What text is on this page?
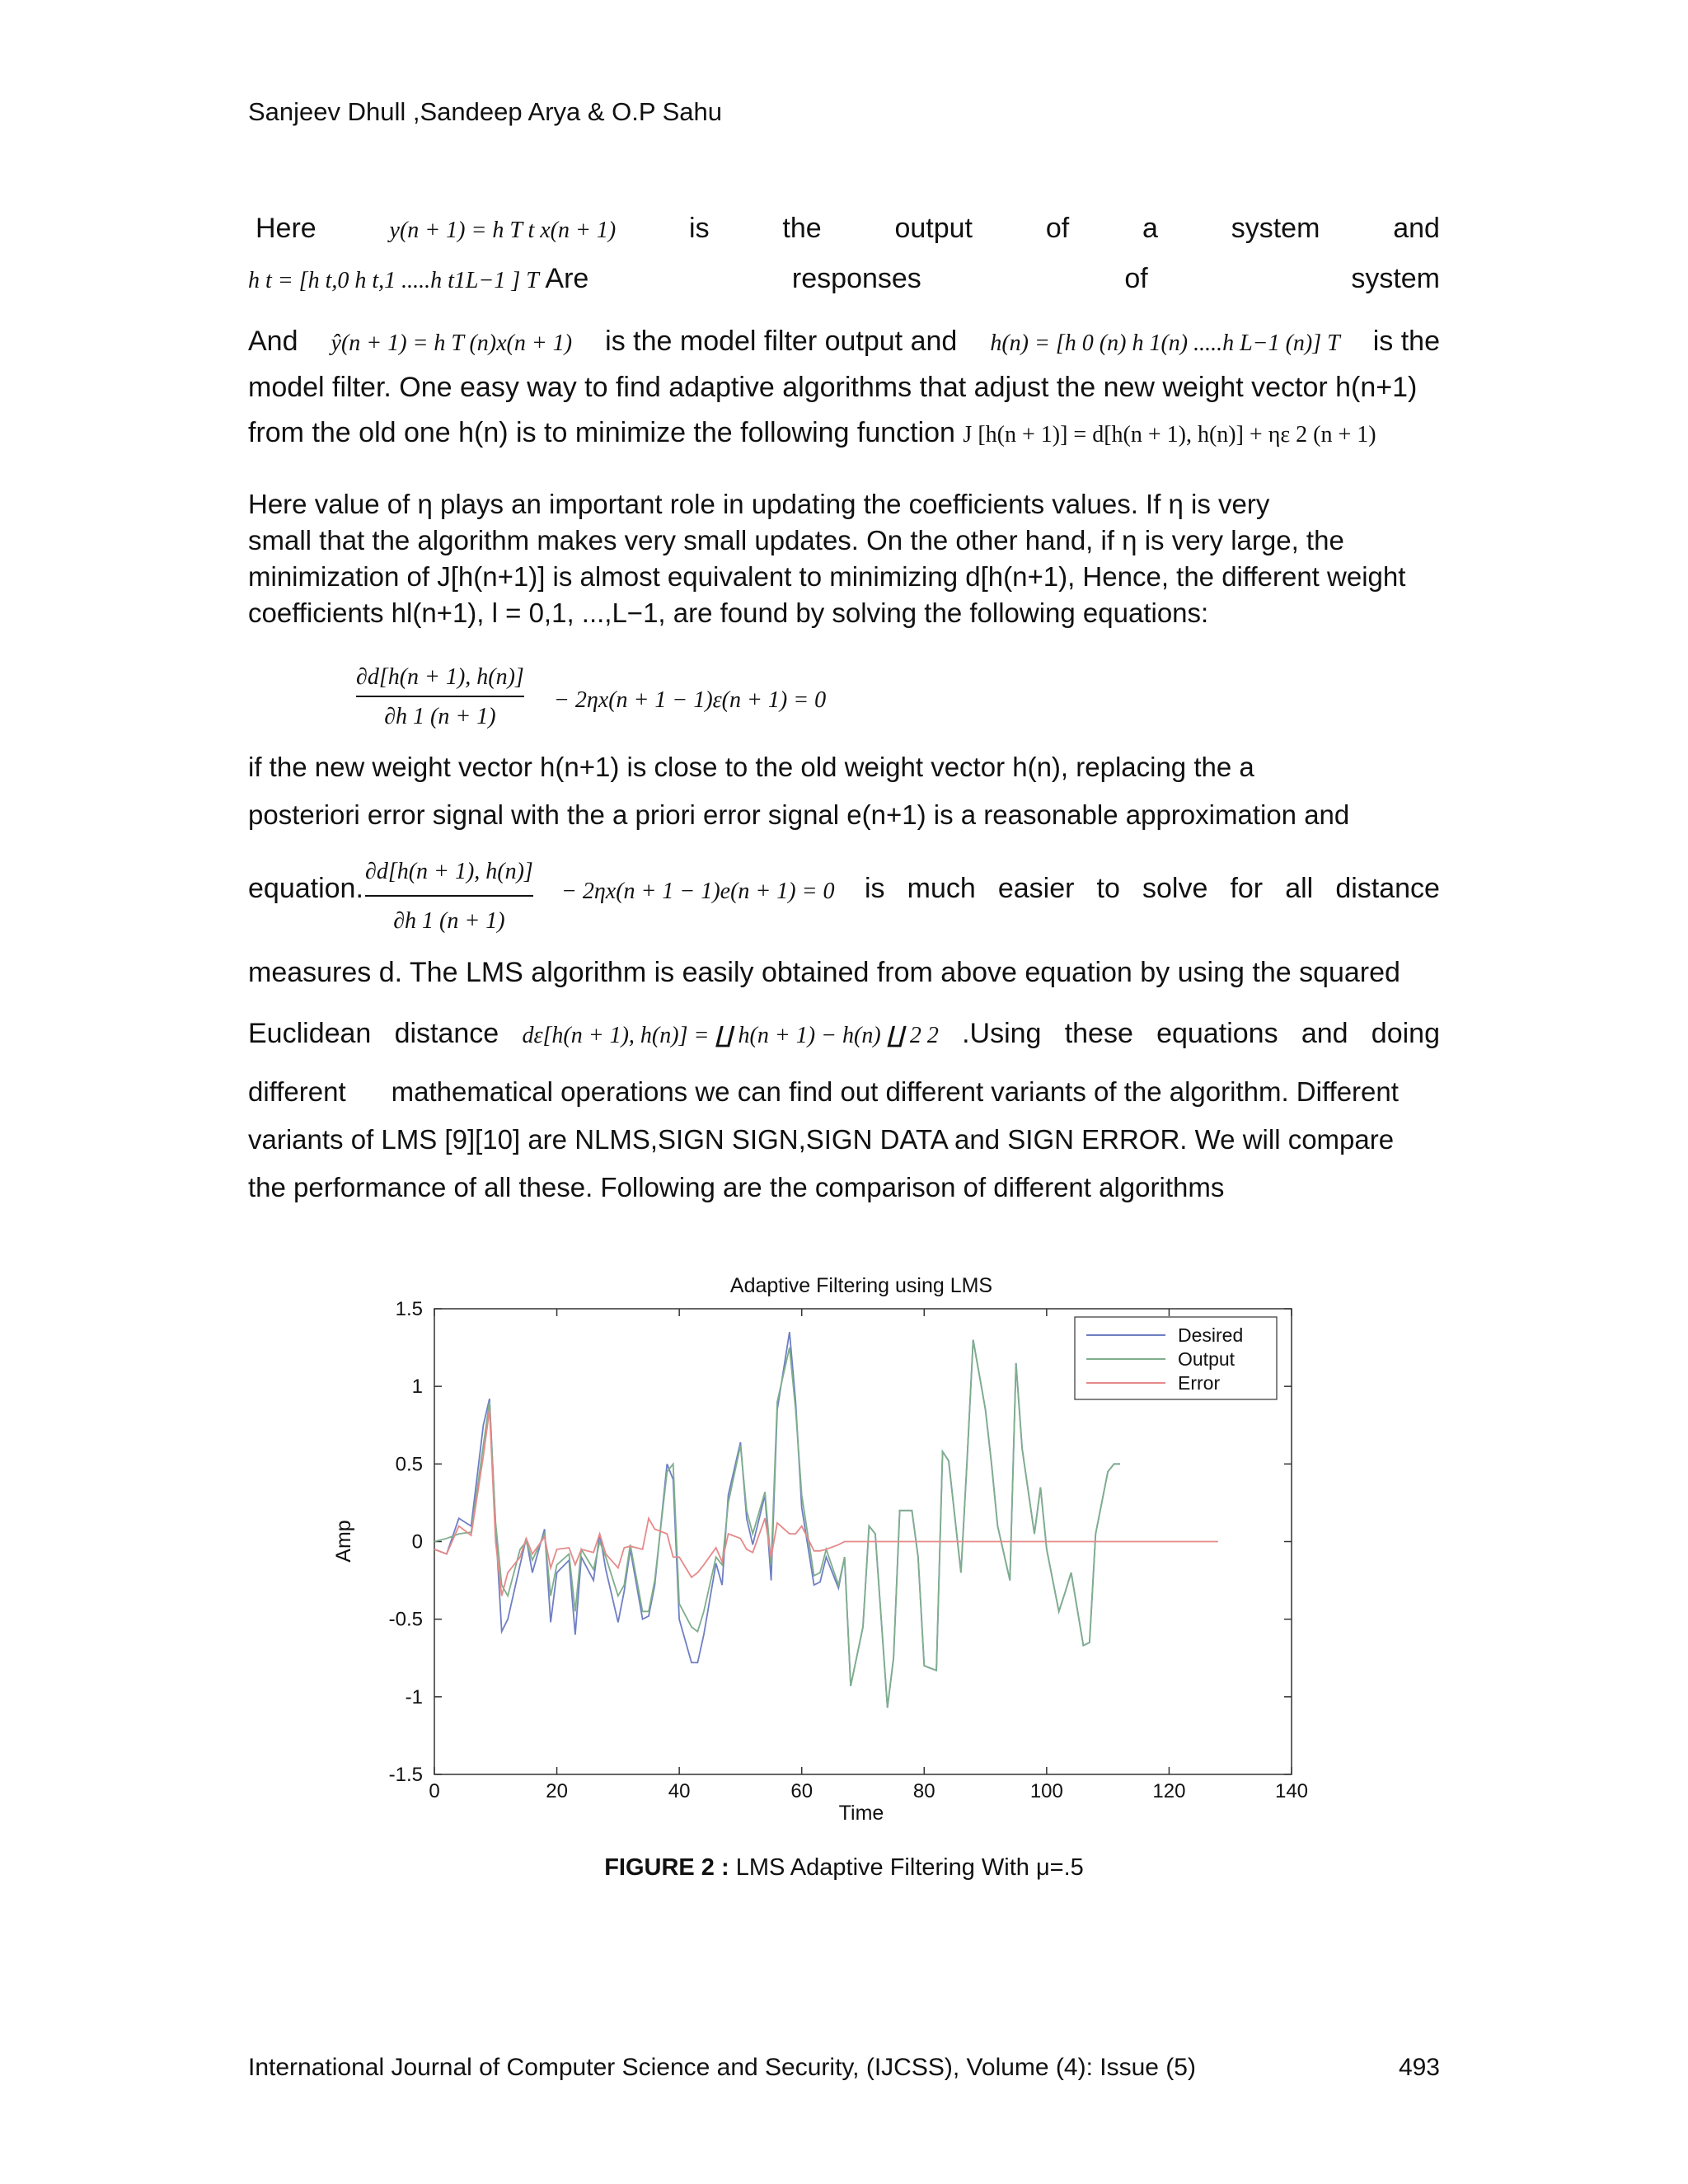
Sanjeev Dhull ,Sandeep Arya & O.P Sahu
Here	y(n + 1) = h T t x(n + 1)	is	the	output	of	a	system	and
h t = [h t,0 h t,1 .....h t1L−1 ] T Are	responses	of	system
And ŷ(n + 1) = h T (n)x(n + 1) is the model filter output and h(n) = [h 0 (n) h 1(n) .....h L−1 (n)] T is the
model filter. One easy way to find adaptive algorithms that adjust the new weight vector h(n+1)
from the old one h(n) is to minimize the following function J [h(n + 1)] = d[h(n + 1), h(n)] + ηε 2 (n + 1)
Here value of η plays an important role in updating the coefficients values. If η is very
small that the algorithm makes very small updates. On the other hand, if η is very large, the
minimization of J[h(n+1)] is almost equivalent to minimizing d[h(n+1), Hence, the different weight
coefficients hl(n+1), l = 0,1, ...,L−1, are found by solving the following equations:
$\frac{\partial d[h(n + 1), h(n)]}{\partial h 1 (n + 1)} - 2\eta x(n + 1 - 1)\varepsilon(n + 1) = 0$
if the new weight vector h(n+1) is close to the old weight vector h(n), replacing the a
posteriori error signal with the a priori error signal e(n+1) is a reasonable approximation and
equation. $\frac{\partial d[h(n + 1), h(n)]}{\partial h 1 (n + 1)} - 2\eta x(n + 1 - 1)e(n + 1) = 0$ is much easier to solve for all distance
measures d. The LMS algorithm is easily obtained from above equation by using the squared
Euclidean distance dε[h(n + 1), h(n)] = ∐ h(n + 1) − h(n) ∐ 2 2 .Using these equations and doing
different      mathematical operations we can find out different variants of the algorithm. Different
variants of LMS [9][10] are NLMS,SIGN SIGN,SIGN DATA and SIGN ERROR. We will compare
the performance of all these. Following are the comparison of different algorithms
Adaptive Filtering using LMS
0	20	40	60	80	100	120	140
1.5
1
0.5
0
-0.5
-1
-1.5
Desired
Output
Error
Time
Amp
FIGURE 2 : LMS Adaptive Filtering With μ=.5
International Journal of Computer Science and Security, (IJCSS), Volume (4): Issue (5)	493
